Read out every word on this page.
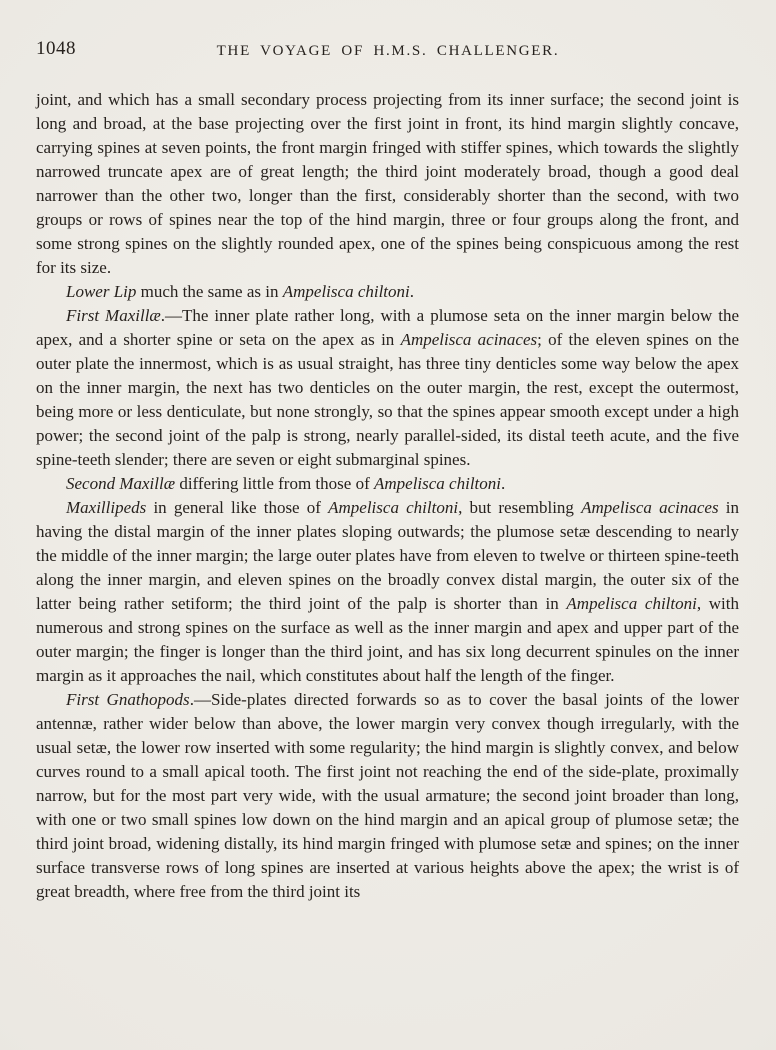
1048	THE VOYAGE OF H.M.S. CHALLENGER.

joint, and which has a small secondary process projecting from its inner surface; the second joint is long and broad, at the base projecting over the first joint in front, its hind margin slightly concave, carrying spines at seven points, the front margin fringed with stiffer spines, which towards the slightly narrowed truncate apex are of great length; the third joint moderately broad, though a good deal narrower than the other two, longer than the first, considerably shorter than the second, with two groups or rows of spines near the top of the hind margin, three or four groups along the front, and some strong spines on the slightly rounded apex, one of the spines being conspicuous among the rest for its size.

Lower Lip much the same as in Ampelisca chiltoni.

First Maxillæ.—The inner plate rather long, with a plumose seta on the inner margin below the apex, and a shorter spine or seta on the apex as in Ampelisca acinaces; of the eleven spines on the outer plate the innermost, which is as usual straight, has three tiny denticles some way below the apex on the inner margin, the next has two denticles on the outer margin, the rest, except the outermost, being more or less denticulate, but none strongly, so that the spines appear smooth except under a high power; the second joint of the palp is strong, nearly parallel-sided, its distal teeth acute, and the five spine-teeth slender; there are seven or eight submarginal spines.

Second Maxillæ differing little from those of Ampelisca chiltoni.

Maxillipeds in general like those of Ampelisca chiltoni, but resembling Ampelisca acinaces in having the distal margin of the inner plates sloping outwards; the plumose setæ descending to nearly the middle of the inner margin; the large outer plates have from eleven to twelve or thirteen spine-teeth along the inner margin, and eleven spines on the broadly convex distal margin, the outer six of the latter being rather setiform; the third joint of the palp is shorter than in Ampelisca chiltoni, with numerous and strong spines on the surface as well as the inner margin and apex and upper part of the outer margin; the finger is longer than the third joint, and has six long decurrent spinules on the inner margin as it approaches the nail, which constitutes about half the length of the finger.

First Gnathopods.—Side-plates directed forwards so as to cover the basal joints of the lower antennæ, rather wider below than above, the lower margin very convex though irregularly, with the usual setæ, the lower row inserted with some regularity; the hind margin is slightly convex, and below curves round to a small apical tooth. The first joint not reaching the end of the side-plate, proximally narrow, but for the most part very wide, with the usual armature; the second joint broader than long, with one or two small spines low down on the hind margin and an apical group of plumose setæ; the third joint broad, widening distally, its hind margin fringed with plumose setæ and spines; on the inner surface transverse rows of long spines are inserted at various heights above the apex; the wrist is of great breadth, where free from the third joint its
